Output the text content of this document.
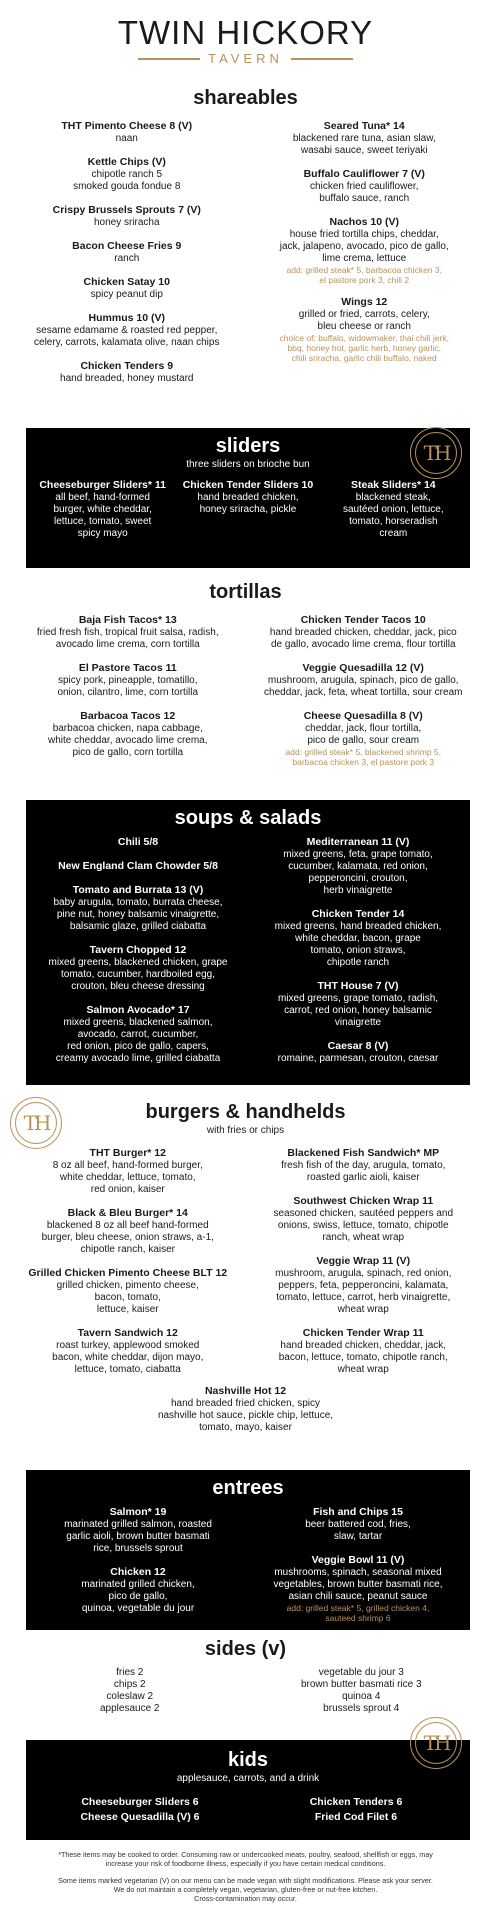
TWIN HICKORY
TAVERN
shareables
THT Pimento Cheese 8 (V)
naan
Kettle Chips (V)
chipotle ranch 5
smoked gouda fondue 8
Crispy Brussels Sprouts 7 (V)
honey sriracha
Bacon Cheese Fries 9
ranch
Chicken Satay 10
spicy peanut dip
Hummus 10 (V)
sesame edamame & roasted red pepper,
celery, carrots, kalamata olive, naan chips
Chicken Tenders 9
hand breaded, honey mustard
Seared Tuna* 14
blackened rare tuna, asian slaw,
wasabi sauce, sweet teriyaki
Buffalo Cauliflower 7 (V)
chicken fried cauliflower,
buffalo sauce, ranch
Nachos 10 (V)
house fried tortilla chips, cheddar,
jack, jalapeno, avocado, pico de gallo,
lime crema, lettuce
add: grilled steak* 5, barbacoa chicken 3,
el pastore pork 3, chili 2
Wings 12
grilled or fried, carrots, celery,
bleu cheese or ranch
choice of: buffalo, widowmaker, thai chili jerk,
bbq, honey hot, garlic herb, honey garlic,
chili sriracha, garlic chili buffalo, naked
sliders
three sliders on brioche bun
Cheeseburger Sliders* 11
all beef, hand-formed
burger, white cheddar,
lettuce, tomato, sweet
spicy mayo
Chicken Tender Sliders 10
hand breaded chicken,
honey sriracha, pickle
Steak Sliders* 14
blackened steak,
sautéed onion, lettuce,
tomato, horseradish
cream
TH
tortillas
Baja Fish Tacos* 13
fried fresh fish, tropical fruit salsa, radish,
avocado lime crema, corn tortilla
El Pastore Tacos 11
spicy pork, pineapple, tomatillo,
onion, cilantro, lime, corn tortilla
Barbacoa Tacos 12
barbacoa chicken, napa cabbage,
white cheddar, avocado lime crema,
pico de gallo, corn tortilla
Chicken Tender Tacos 10
hand breaded chicken, cheddar, jack, pico
de gallo, avocado lime crema, flour tortilla
Veggie Quesadilla 12 (V)
mushroom, arugula, spinach, pico de gallo,
cheddar, jack, feta, wheat tortilla, sour cream
Cheese Quesadilla 8 (V)
cheddar, jack, flour tortilla,
pico de gallo, sour cream
add: grilled steak* 5, blackened shrimp 5,
barbacoa chicken 3, el pastore pork 3
soups & salads
Chili 5/8
New England Clam Chowder 5/8
Tomato and Burrata 13 (V)
baby arugula, tomato, burrata cheese,
pine nut, honey balsamic vinaigrette,
balsamic glaze, grilled ciabatta
Tavern Chopped 12
mixed greens, blackened chicken, grape
tomato, cucumber, hardboiled egg,
crouton, bleu cheese dressing
Salmon Avocado* 17
mixed greens, blackened salmon,
avocado, carrot, cucumber,
red onion, pico de gallo, capers,
creamy avocado lime, grilled ciabatta
Mediterranean 11 (V)
mixed greens, feta, grape tomato,
cucumber, kalamata, red onion,
pepperoncini, crouton,
herb vinaigrette
Chicken Tender 14
mixed greens, hand breaded chicken,
white cheddar, bacon, grape
tomato, onion straws,
chipotle ranch
THT House 7 (V)
mixed greens, grape tomato, radish,
carrot, red onion, honey balsamic
vinaigrette
Caesar 8 (V)
romaine, parmesan, crouton, caesar
TH	burgers & handhelds
with fries or chips
THT Burger* 12
8 oz all beef, hand-formed burger,
white cheddar, lettuce, tomato,
red onion, kaiser
Black & Bleu Burger* 14
blackened 8 oz all beef hand-formed
burger, bleu cheese, onion straws, a-1,
chipotle ranch, kaiser
Grilled Chicken Pimento Cheese BLT 12
grilled chicken, pimento cheese,
bacon, tomato,
lettuce, kaiser
Tavern Sandwich 12
roast turkey, applewood smoked
bacon, white cheddar, dijon mayo,
lettuce, tomato, ciabatta
Blackened Fish Sandwich* MP
fresh fish of the day, arugula, tomato,
roasted garlic aioli, kaiser
Southwest Chicken Wrap 11
seasoned chicken, sautéed peppers and
onions, swiss, lettuce, tomato, chipotle
ranch, wheat wrap
Veggie Wrap 11 (V)
mushroom, arugula, spinach, red onion,
peppers, feta, pepperoncini, kalamata,
tomato, lettuce, carrot, herb vinaigrette,
wheat wrap
Chicken Tender Wrap 11
hand breaded chicken, cheddar, jack,
bacon, lettuce, tomato, chipotle ranch,
wheat wrap
Nashville Hot 12
hand breaded fried chicken, spicy
nashville hot sauce, pickle chip, lettuce,
tomato, mayo, kaiser
entrees
Salmon* 19
marinated grilled salmon, roasted
garlic aioli, brown butter basmati
rice, brussels sprout
Chicken 12
marinated grilled chicken,
pico de gallo,
quinoa, vegetable du jour
Fish and Chips 15
beer battered cod, fries,
slaw, tartar
Veggie Bowl 11 (V)
mushrooms, spinach, seasonal mixed
vegetables, brown butter basmati rice,
asian chili sauce, peanut sauce
add: grilled steak* 5, grilled chicken 4,
sauteed shrimp 6
sides (v)
fries 2
chips 2
coleslaw 2
applesauce 2
vegetable du jour 3
brown butter basmati rice 3
quinoa 4
brussels sprout 4
kids
applesauce, carrots, and a drink
Cheeseburger Sliders 6
Cheese Quesadilla (V) 6
Chicken Tenders 6
Fried Cod Filet 6
TH
*These items may be cooked to order. Consuming raw or undercooked meats, poultry, seafood, shellfish or eggs, may
increase your risk of foodborne illness, especially if you have certain medical conditions.
Some items marked vegetarian (V) on our menu can be made vegan with slight modifications. Please ask your server.
We do not maintain a completely vegan, vegetarian, gluten-free or nut-free kitchen.
Cross-contamination may occur.
